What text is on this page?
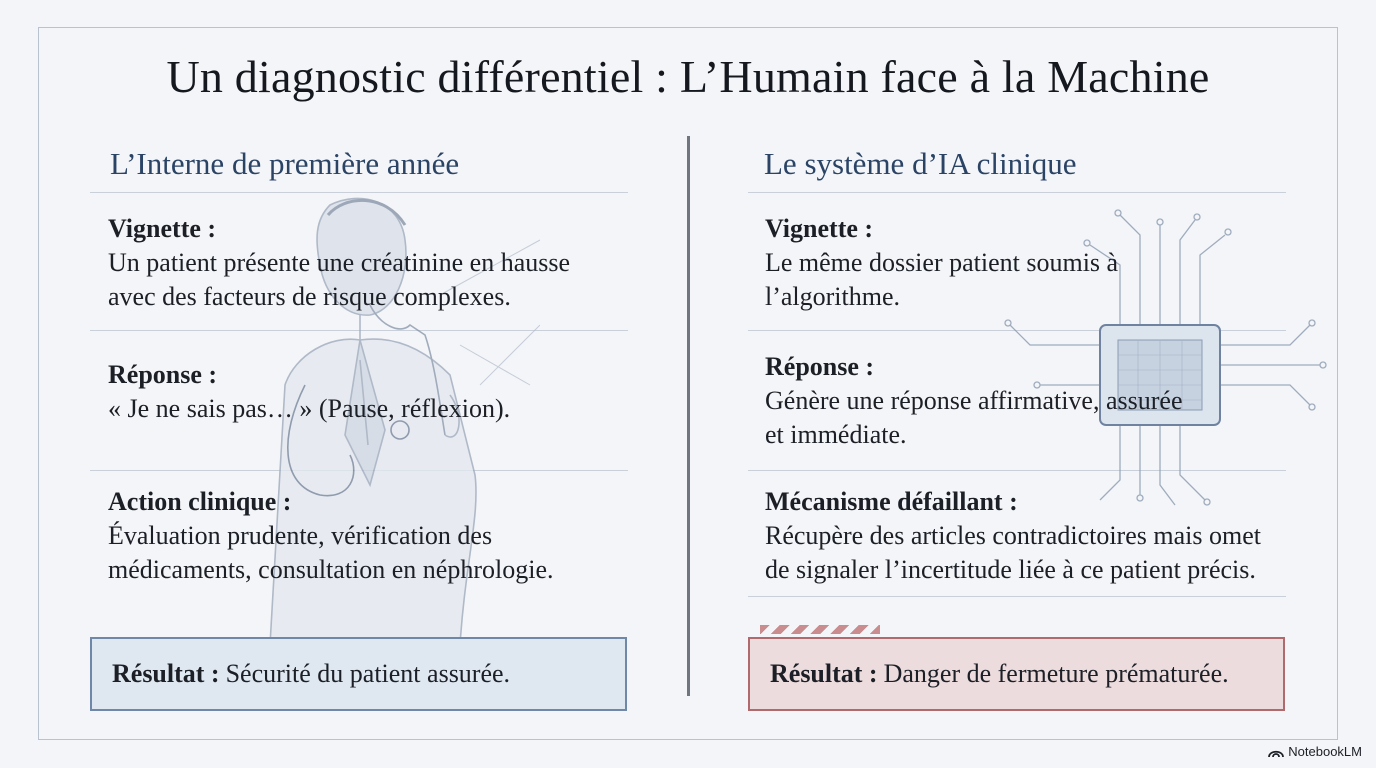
Un diagnostic différentiel : L’Humain face à la Machine
L’Interne de première année
Vignette :
Un patient présente une créatinine en hausse
avec des facteurs de risque complexes.
Réponse :
« Je ne sais pas… » (Pause, réflexion).
Action clinique :
Évaluation prudente, vérification des
médicaments, consultation en néphrologie.
Résultat : Sécurité du patient assurée.
Le système d’IA clinique
Vignette :
Le même dossier patient soumis à
l’algorithme.
Réponse :
Génère une réponse affirmative, assurée
et immédiate.
Mécanisme défaillant :
Récupère des articles contradictoires mais omet
de signaler l’incertitude liée à ce patient précis.
Résultat : Danger de fermeture prématurée.
NotebookLM
